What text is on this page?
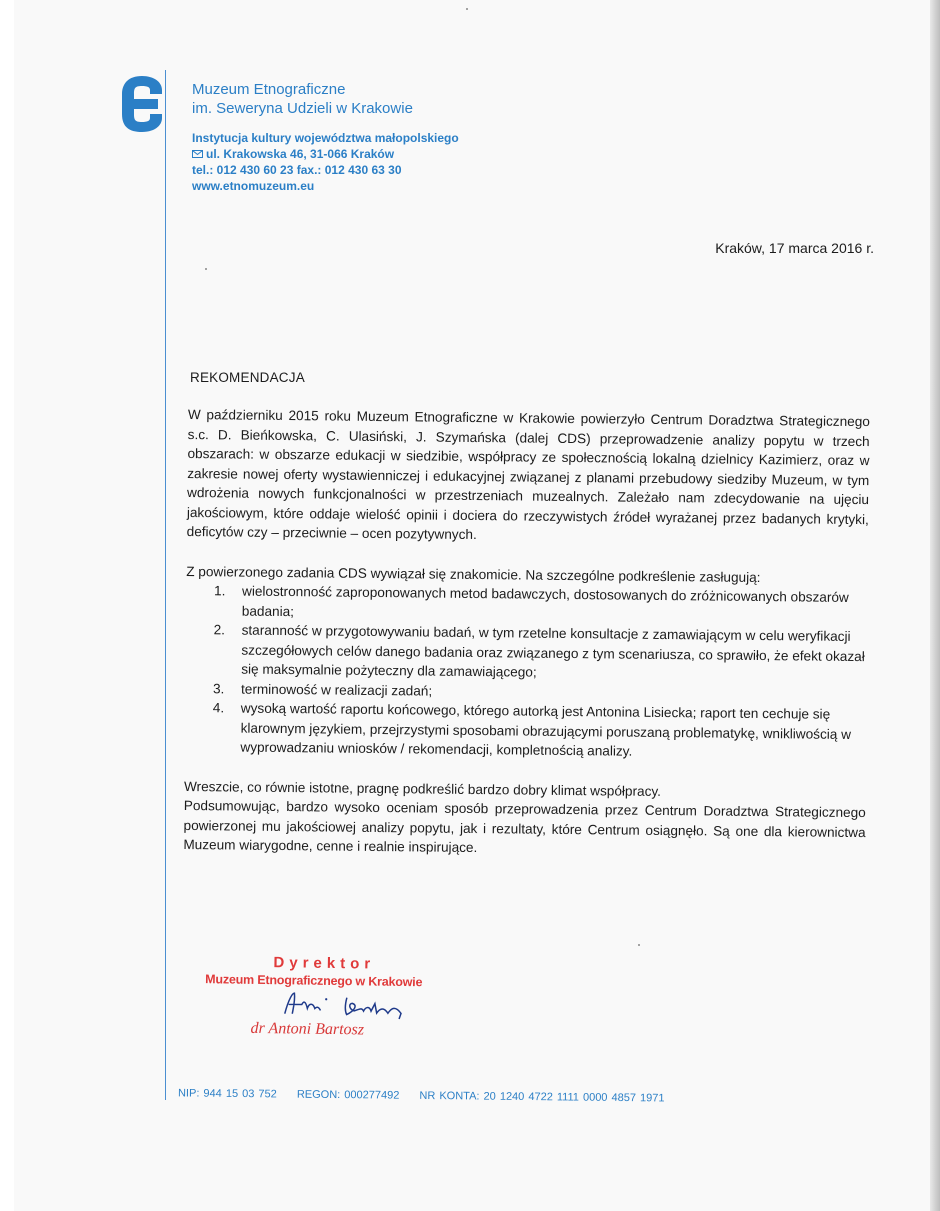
Muzeum Etnograficzne
im. Seweryna Udzieli w Krakowie
Instytucja kultury województwa małopolskiego
ul. Krakowska 46, 31-066 Kraków
tel.: 012 430 60 23 fax.: 012 430 63 30
www.etnomuzeum.eu
Kraków, 17 marca 2016 r.
REKOMENDACJA

W październiku 2015 roku Muzeum Etnograficzne w Krakowie powierzyło Centrum Doradztwa Strategicznego s.c. D. Bieńkowska, C. Ulasiński, J. Szymańska (dalej CDS) przeprowadzenie analizy popytu w trzech obszarach: w obszarze edukacji w siedzibie, współpracy ze społecznością lokalną dzielnicy Kazimierz, oraz w zakresie nowej oferty wystawienniczej i edukacyjnej związanej z planami przebudowy siedziby Muzeum, w tym wdrożenia nowych funkcjonalności w przestrzeniach muzealnych. Zależało nam zdecydowanie na ujęciu jakościowym, które oddaje wielość opinii i dociera do rzeczywistych źródeł wyrażanej przez badanych krytyki, deficytów czy – przeciwnie – ocen pozytywnych.

Z powierzonego zadania CDS wywiązał się znakomicie. Na szczególne podkreślenie zasługują:

1.	wielostronność zaproponowanych metod badawczych, dostosowanych do zróżnicowanych obszarów badania;
2.	staranność w przygotowywaniu badań, w tym rzetelne konsultacje z zamawiającym w celu weryfikacji szczegółowych celów danego badania oraz związanego z tym scenariusza, co sprawiło, że efekt okazał się maksymalnie pożyteczny dla zamawiającego;
3.	terminowość w realizacji zadań;
4.	wysoką wartość raportu końcowego, którego autorką jest Antonina Lisiecka; raport ten cechuje się klarownym językiem, przejrzystymi sposobami obrazującymi poruszaną problematykę, wnikliwością w wyprowadzaniu wniosków / rekomendacji, kompletnością analizy.

Wreszcie, co równie istotne, pragnę podkreślić bardzo dobry klimat współpracy.

Podsumowując, bardzo wysoko oceniam sposób przeprowadzenia przez Centrum Doradztwa Strategicznego powierzonej mu jakościowej analizy popytu, jak i rezultaty, które Centrum osiągnęło. Są one dla kierownictwa Muzeum wiarygodne, cenne i realnie inspirujące.

Dyrektor
Muzeum Etnograficznego w Krakowie
dr Antoni Bartosz
NIP: 944 15 03 752 REGON: 000277492 NR KONTA: 20 1240 4722 1111 0000 4857 1971
